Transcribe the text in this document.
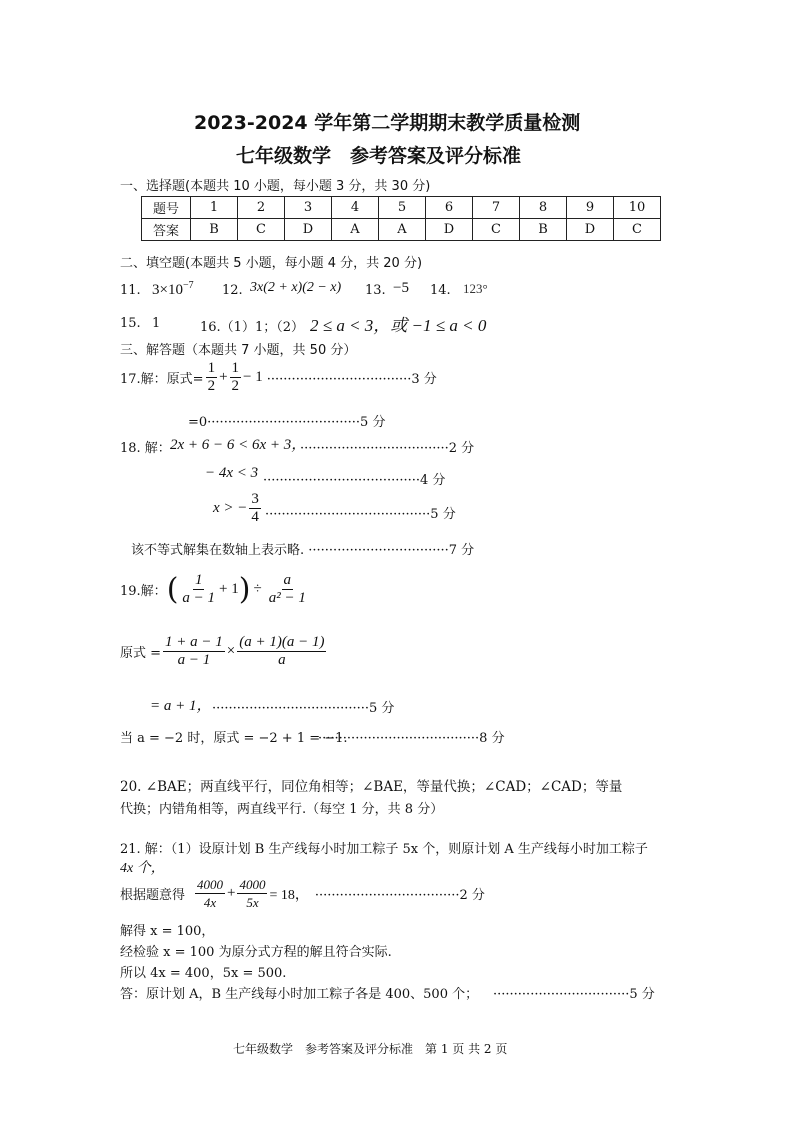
2023-2024 学年第二学期期末教学质量检测
七年级数学　参考答案及评分标准
一、选择题(本题共 10 小题，每小题 3 分，共 30 分)
题号	1	2	3	4	5	6	7	8	9	10
答案	B	C	D	A	A	D	C	B	D	C
二、填空题(本题共 5 小题，每小题 4 分，共 20 分)
11. $3\times 10^{-7}$ 12. 3x(2 + x)(2 − x) 13. −5 14. 123°
15. 1	16.（1）1；（2） 2 ≤ a < 3，或 −1 ≤ a < 0
三、解答题（本题共 7 小题，共 50 分）
17.解：原式= $\frac{1}{2} + \frac{1}{2} - 1 \cdot\cdot\cdot\cdot\cdot\cdot\cdot\cdot\cdot\cdot\cdot\cdot\cdot\cdot\cdot\cdot\cdot\cdot\cdot\cdot\cdot\cdot\cdot\cdot\cdot\cdot\cdot\cdot\cdot\cdot\cdot\cdot\cdot\cdot\cdot 3$ 分
=0·····································5 分
18. 解： 2x + 6 − 6 < 6x + 3，
····································2 分
− 4x < 3 ······································4 分
x > − $\frac{3}{4} \cdot\cdot\cdot\cdot\cdot\cdot\cdot\cdot\cdot\cdot\cdot\cdot\cdot\cdot\cdot\cdot\cdot\cdot\cdot\cdot\cdot\cdot\cdot\cdot\cdot\cdot\cdot\cdot\cdot\cdot\cdot\cdot\cdot\cdot\cdot\cdot\cdot\cdot\cdot\cdot 5$ 分
该不等式解集在数轴上表示略. ··································7 分
19.解： ( $\frac{1}{a - 1} + 1$ ) ÷ $\frac{a}{\text{a² − 1}}$
原式 = $\frac{1 + a - 1}{a - 1} \times \frac{(a + 1)(a - 1)}{a}$
= a + 1， ······································5 分
当 a = −2 时，原式 = −2 + 1 = −1.
·······································8 分
20. ∠BAE；两直线平行，同位角相等；∠BAE，等量代换；∠CAD；∠CAD；等量
代换；内错角相等，两直线平行.（每空 1 分，共 8 分）
21. 解：（1）设原计划 B 生产线每小时加工粽子 5x 个，则原计划 A 生产线每小时加工粽子
4x 个，
根据题意得 $\frac{4000}{4x} + \frac{4000}{5x} = 18$， ···································2 分
解得 x = 100，
经检验 x = 100 为原分式方程的解且符合实际.
所以 4x = 400，5x = 500.
答：原计划 A，B 生产线每小时加工粽子各是 400、500 个； ·································5 分
七年级数学　参考答案及评分标准　第 1 页 共 2 页
